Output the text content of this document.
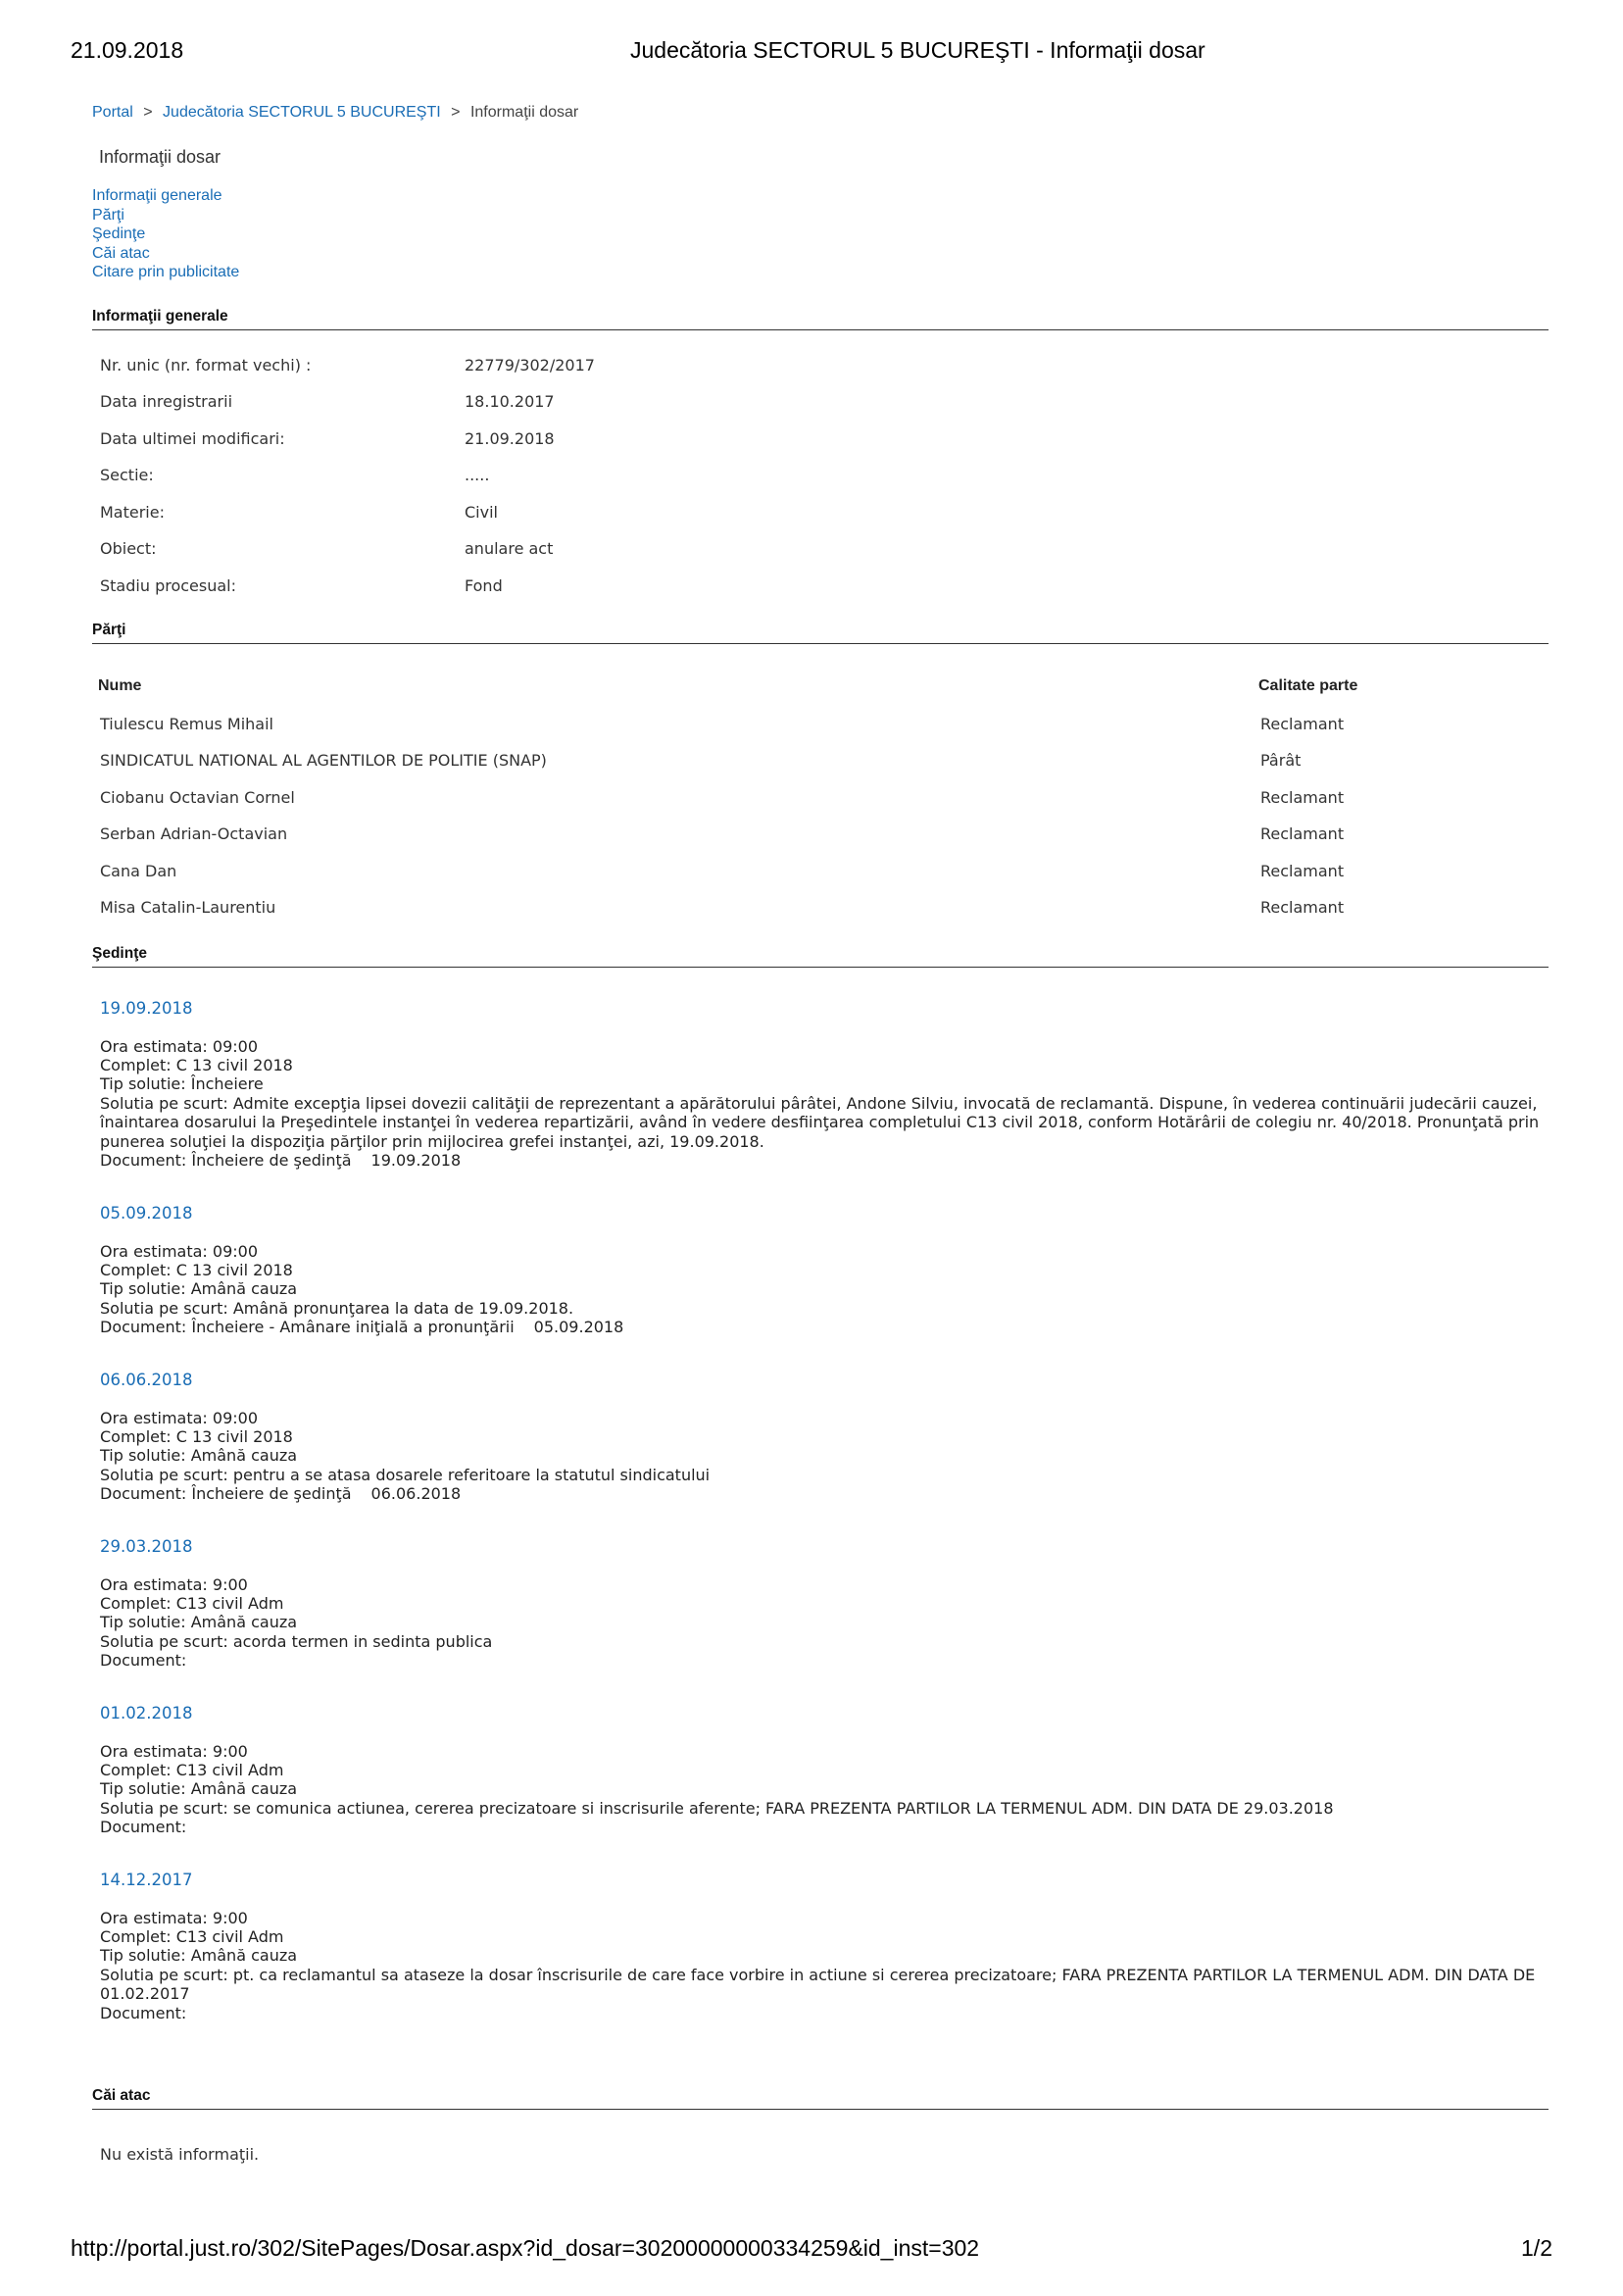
21.09.2018	Judecătoria SECTORUL 5 BUCUREŞTI - Informaţii dosar
Portal > Judecătoria SECTORUL 5 BUCUREŞTI > Informaţii dosar
Informaţii dosar
Informaţii generale
Părţi
Şedinţe
Căi atac
Citare prin publicitate
Informaţii generale
Nr. unic (nr. format vechi) :	22779/302/2017
Data inregistrarii	18.10.2017
Data ultimei modificari:	21.09.2018
Sectie:	.....
Materie:	Civil
Obiect:	anulare act
Stadiu procesual:	Fond
Părţi
Nume	Calitate parte
Tiulescu Remus Mihail	Reclamant
SINDICATUL NATIONAL AL AGENTILOR DE POLITIE (SNAP)	Pârât
Ciobanu Octavian Cornel	Reclamant
Serban Adrian-Octavian	Reclamant
Cana Dan	Reclamant
Misa Catalin-Laurentiu	Reclamant
Şedinţe
19.09.2018
Ora estimata: 09:00
Complet: C 13 civil 2018
Tip solutie: Încheiere
Solutia pe scurt: Admite excepţia lipsei dovezii calităţii de reprezentant a apărătorului pârâtei, Andone Silviu, invocată de reclamantă. Dispune, în vederea continuării judecării cauzei, înaintarea dosarului la Preşedintele instanţei în vederea repartizării, având în vedere desfiinţarea completului C13 civil 2018, conform Hotărârii de colegiu nr. 40/2018. Pronunţată prin punerea soluţiei la dispoziţia părţilor prin mijlocirea grefei instanţei, azi, 19.09.2018.
Document: Încheiere de şedinţă 19.09.2018
05.09.2018
Ora estimata: 09:00
Complet: C 13 civil 2018
Tip solutie: Amână cauza
Solutia pe scurt: Amână pronunţarea la data de 19.09.2018.
Document: Încheiere - Amânare iniţială a pronunţării 05.09.2018
06.06.2018
Ora estimata: 09:00
Complet: C 13 civil 2018
Tip solutie: Amână cauza
Solutia pe scurt: pentru a se atasa dosarele referitoare la statutul sindicatului
Document: Încheiere de şedinţă 06.06.2018
29.03.2018
Ora estimata: 9:00
Complet: C13 civil Adm
Tip solutie: Amână cauza
Solutia pe scurt: acorda termen in sedinta publica
Document:
01.02.2018
Ora estimata: 9:00
Complet: C13 civil Adm
Tip solutie: Amână cauza
Solutia pe scurt: se comunica actiunea, cererea precizatoare si inscrisurile aferente; FARA PREZENTA PARTILOR LA TERMENUL ADM. DIN DATA DE 29.03.2018
Document:
14.12.2017
Ora estimata: 9:00
Complet: C13 civil Adm
Tip solutie: Amână cauza
Solutia pe scurt: pt. ca reclamantul sa ataseze la dosar înscrisurile de care face vorbire in actiune si cererea precizatoare; FARA PREZENTA PARTILOR LA TERMENUL ADM. DIN DATA DE 01.02.2017
Document:
Căi atac
Nu există informaţii.
http://portal.just.ro/302/SitePages/Dosar.aspx?id_dosar=30200000000334259&id_inst=302	1/2
